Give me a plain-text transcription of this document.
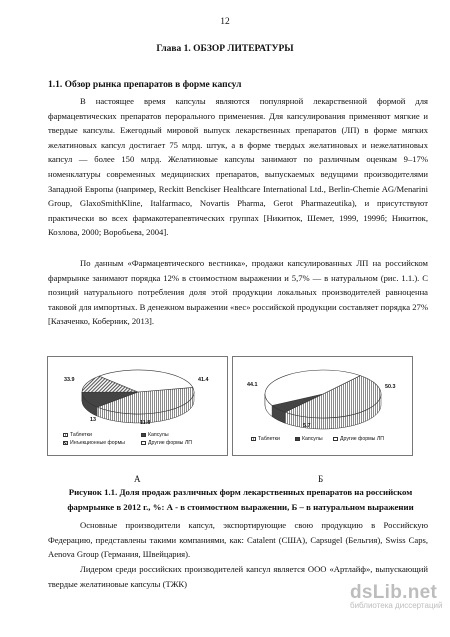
12
Глава 1. ОБЗОР ЛИТЕРАТУРЫ
1.1. Обзор рынка препаратов в форме капсул

В настоящее время капсулы являются популярной лекарственной формой для фармацевтических препаратов перорального применения. Для капсулирования применяют мягкие и твердые капсулы. Ежегодный мировой выпуск лекарственных препаратов (ЛП) в форме мягких желатиновых капсул достигает 75 млрд. штук, а в форме твердых желатиновых и нежелатиновых капсул — более 150 млрд. Желатиновые капсулы занимают по различным оценкам 9–17% номенклатуры современных медицинских препаратов, выпускаемых ведущими производителями Западной Европы (например, Reckitt Benckiser Healthcare International Ltd., Berlin-Chemie AG/Menarini Group, GlaxoSmithKline, Italfarmaco, Novartis Pharma, Gerot Pharmazeutika), и присутствуют практически во всех фармакотерапевтических группах [Никитюк, Шемет, 1999, 1999б; Никитюк, Козлова, 2000; Воробьева, 2004].

По данным «Фармацевтического вестника», продажи капсулированных ЛП на российском фармрынке занимают порядка 12% в стоимостном выражении и 5,7% — в натуральном (рис. 1.1.). С позиций натурального потребления доля этой продукции локальных производителей равноценна таковой для импортных. В денежном выражении «вес» российской продукции составляет порядка 27% [Казаченко, Коберник, 2013].

41.4
11.8
13
33.9
Таблетки	Капсулы
Инъекционные формы	Другие формы ЛП
50.3
5.7
44.1
Таблетки	Капсулы	Другие формы ЛП
А	Б
Рисунок 1.1. Доля продаж различных форм лекарственных препаратов на российском фармрынке в 2012 г., %: А - в стоимостном выражении, Б – в натуральном выражении

Основные производители капсул, экспортирующие свою продукцию в Российскую Федерацию, представлены такими компаниями, как: Catalent (США), Capsugel (Бельгия), Swiss Caps, Aenova Group (Германия, Швейцария).

Лидером среди российских производителей капсул является ООО «Артлайф», выпускающий твердые желатиновые капсулы (ТЖК)	dsLib.net
библиотека диссертаций
